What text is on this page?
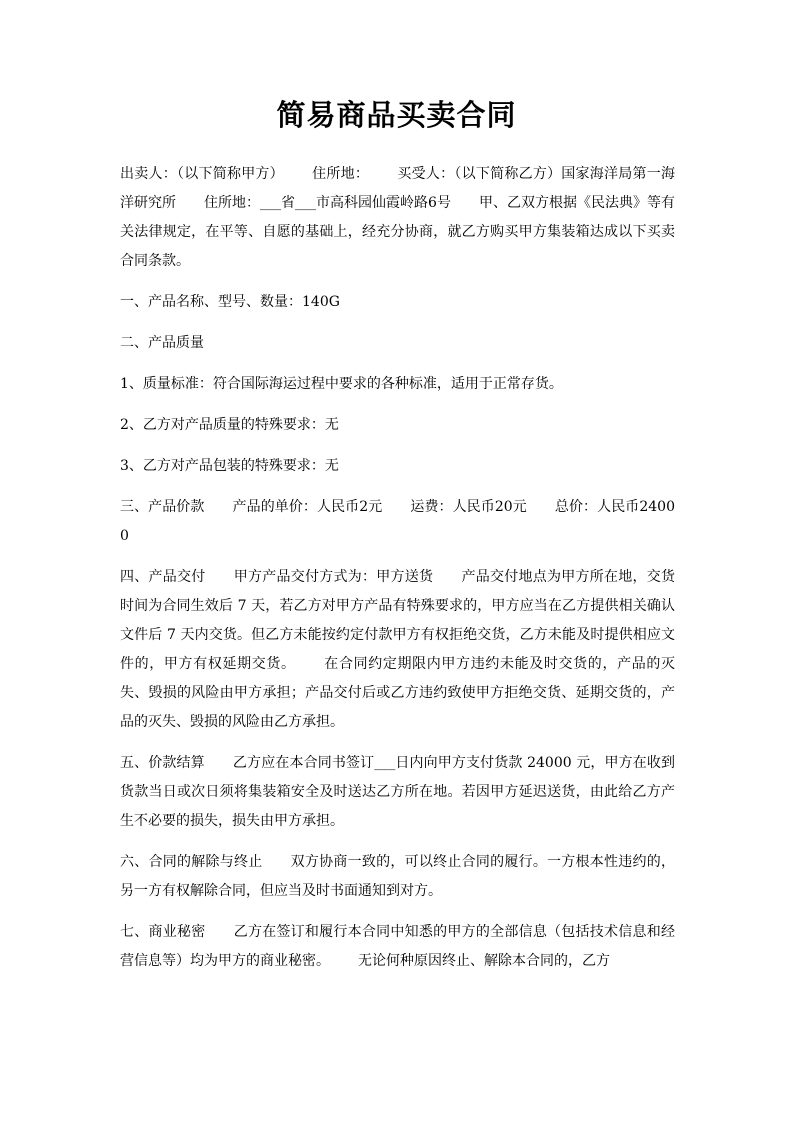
简易商品买卖合同

出卖人：（以下简称甲方） 住所地： 买受人：（以下简称乙方）国家海洋局第一海洋研究所 住所地：___省___市高科园仙霞岭路6号 甲、乙双方根据《民法典》等有关法律规定，在平等、自愿的基础上，经充分协商，就乙方购买甲方集装箱达成以下买卖合同条款。

一、产品名称、型号、数量：140G

二、产品质量

1、质量标准：符合国际海运过程中要求的各种标准，适用于正常存货。

2、乙方对产品质量的特殊要求：无

3、乙方对产品包装的特殊要求：无

三、产品价款 产品的单价：人民币2元 运费：人民币20元 总价：人民币24000

四、产品交付 甲方产品交付方式为：甲方送货 产品交付地点为甲方所在地，交货时间为合同生效后 7 天，若乙方对甲方产品有特殊要求的，甲方应当在乙方提供相关确认文件后 7 天内交货。但乙方未能按约定付款甲方有权拒绝交货，乙方未能及时提供相应文件的，甲方有权延期交货。 在合同约定期限内甲方违约未能及时交货的，产品的灭失、毁损的风险由甲方承担；产品交付后或乙方违约致使甲方拒绝交货、延期交货的，产品的灭失、毁损的风险由乙方承担。

五、价款结算 乙方应在本合同书签订___日内向甲方支付货款 24000 元，甲方在收到货款当日或次日须将集装箱安全及时送达乙方所在地。若因甲方延迟送货，由此给乙方产生不必要的损失，损失由甲方承担。

六、合同的解除与终止 双方协商一致的，可以终止合同的履行。一方根本性违约的，另一方有权解除合同，但应当及时书面通知到对方。

七、商业秘密 乙方在签订和履行本合同中知悉的甲方的全部信息（包括技术信息和经营信息等）均为甲方的商业秘密。 无论何种原因终止、解除本合同的，乙方
